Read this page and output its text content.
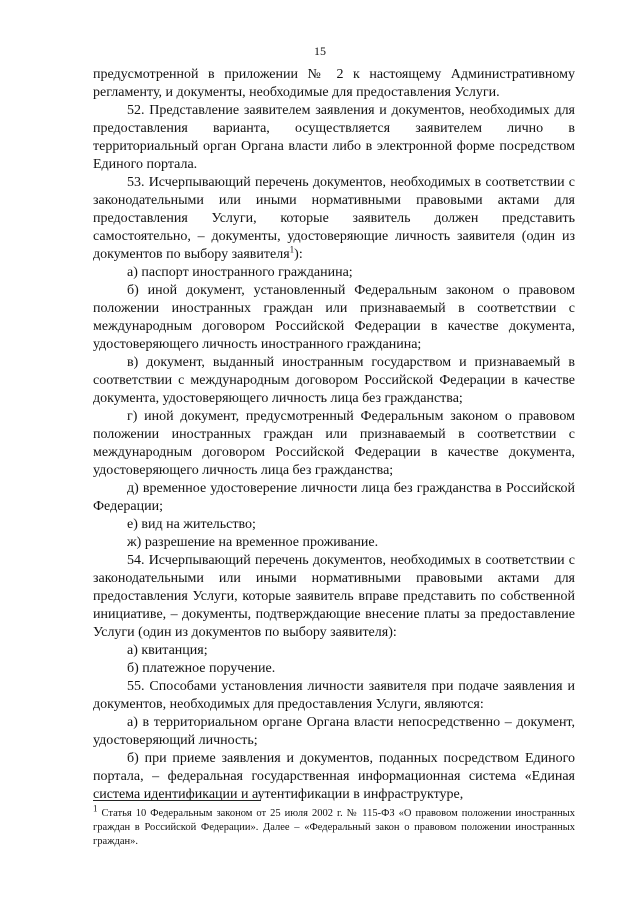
15

предусмотренной в приложении № 2 к настоящему Административному регламенту, и документы, необходимые для предоставления Услуги.

52. Представление заявителем заявления и документов, необходимых для предоставления варианта, осуществляется заявителем лично в территориальный орган Органа власти либо в электронной форме посредством Единого портала.

53. Исчерпывающий перечень документов, необходимых в соответствии с законодательными или иными нормативными правовыми актами для предоставления Услуги, которые заявитель должен представить самостоятельно, – документы, удостоверяющие личность заявителя (один из документов по выбору заявителя$^1$):

а) паспорт иностранного гражданина;

б) иной документ, установленный Федеральным законом о правовом положении иностранных граждан или признаваемый в соответствии с международным договором Российской Федерации в качестве документа, удостоверяющего личность иностранного гражданина;

в) документ, выданный иностранным государством и признаваемый в соответствии с международным договором Российской Федерации в качестве документа, удостоверяющего личность лица без гражданства;

г) иной документ, предусмотренный Федеральным законом о правовом положении иностранных граждан или признаваемый в соответствии с международным договором Российской Федерации в качестве документа, удостоверяющего личность лица без гражданства;

д) временное удостоверение личности лица без гражданства в Российской Федерации;

е) вид на жительство;

ж) разрешение на временное проживание.

54. Исчерпывающий перечень документов, необходимых в соответствии с законодательными или иными нормативными правовыми актами для предоставления Услуги, которые заявитель вправе представить по собственной инициативе, – документы, подтверждающие внесение платы за предоставление Услуги (один из документов по выбору заявителя):

а) квитанция;

б) платежное поручение.

55. Способами установления личности заявителя при подаче заявления и документов, необходимых для предоставления Услуги, являются:

а) в территориальном органе Органа власти непосредственно – документ, удостоверяющий личность;

б) при приеме заявления и документов, поданных посредством Единого портала, – федеральная государственная информационная система «Единая система идентификации и аутентификации в инфраструктуре,

$^1$ Статья 10 Федеральным законом от 25 июля 2002 г. № 115-ФЗ «О правовом положении иностранных граждан в Российской Федерации». Далее – «Федеральный закон о правовом положении иностранных граждан».
